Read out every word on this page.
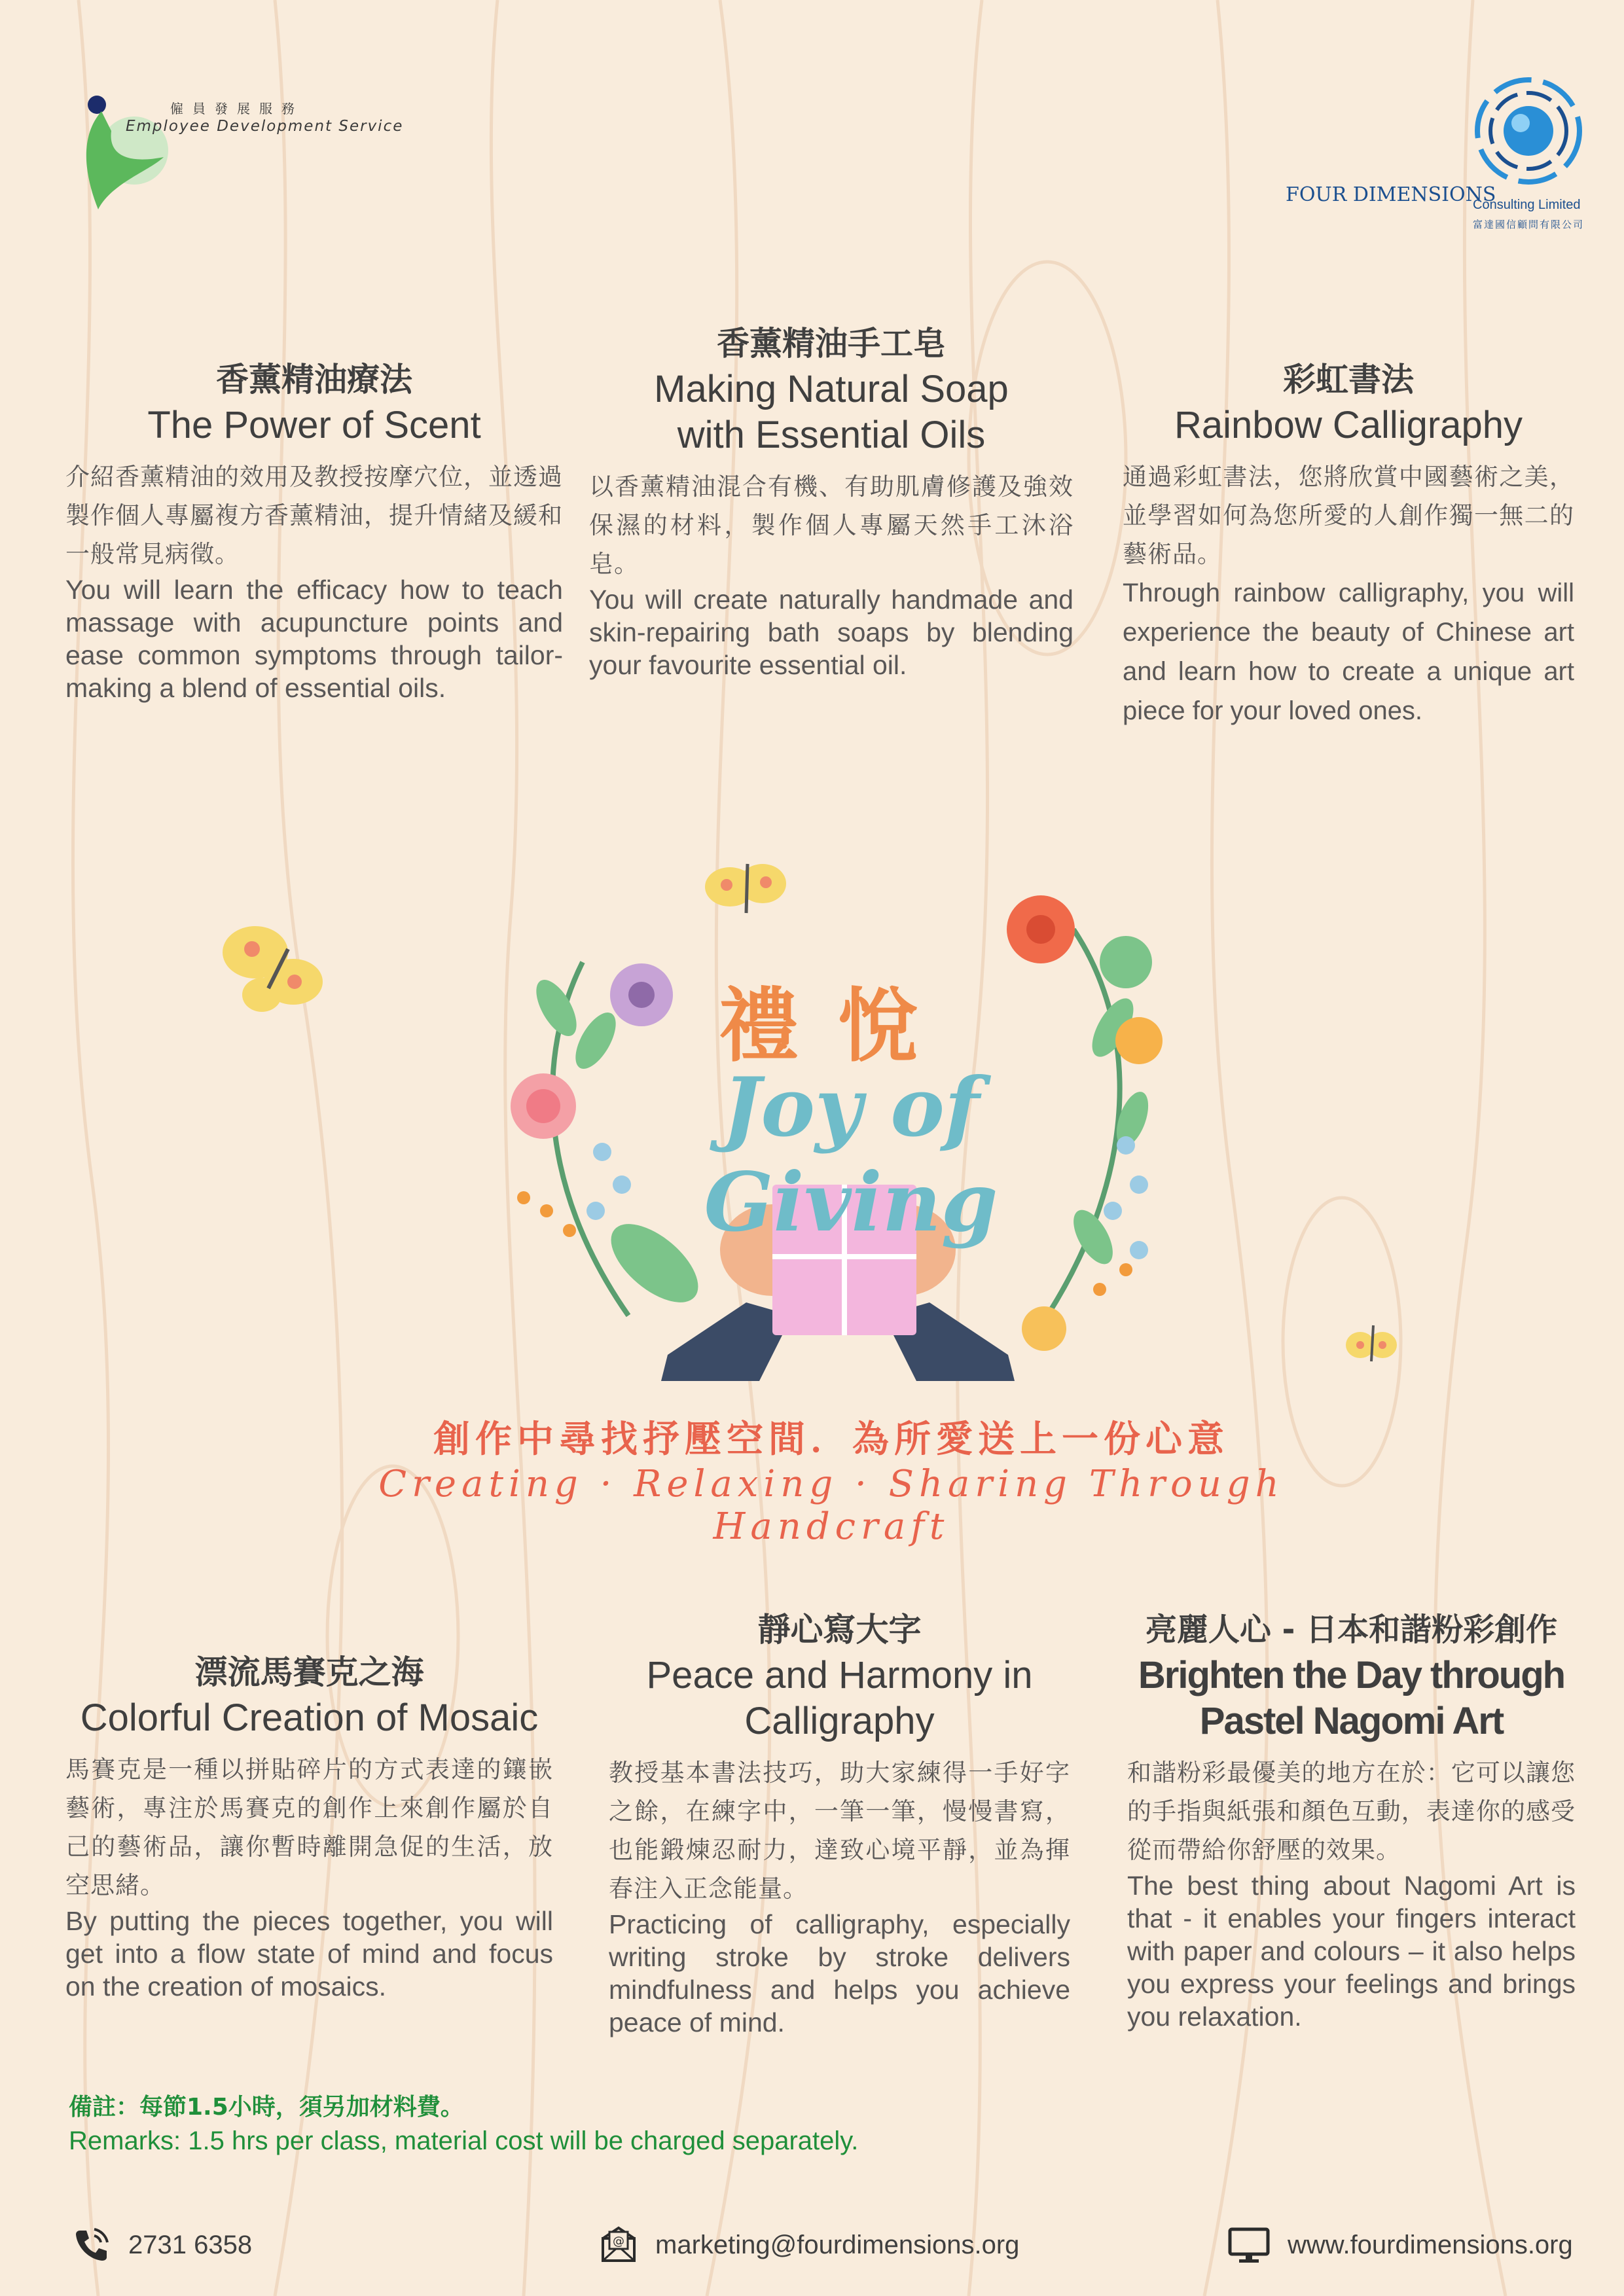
僱員發展服務
Employee Development Service
FOUR DIMENSIONS
Consulting Limited
富達國信顧問有限公司
香薰精油療法
The Power of Scent
介紹香薰精油的效用及教授按摩穴位，並透過製作個人專屬複方香薰精油，提升情緒及緩和一般常見病徵。
You will learn the efficacy how to teach massage with acupuncture points and ease common symptoms through tailor-making a blend of essential oils.
香薰精油手工皂
Making Natural Soap with Essential Oils
以香薰精油混合有機、有助肌膚修護及強效保濕的材料，製作個人專屬天然手工沐浴皂。
You will create naturally handmade and skin-repairing bath soaps by blending your favourite essential oil.
彩虹書法
Rainbow Calligraphy
通過彩虹書法，您將欣賞中國藝術之美，並學習如何為您所愛的人創作獨一無二的藝術品。
Through rainbow calligraphy, you will experience the beauty of Chinese art and learn how to create a unique art piece for your loved ones.
禮悅
Joy of Giving
創作中尋找抒壓空間．為所愛送上一份心意
Creating · Relaxing · Sharing Through Handcraft
漂流馬賽克之海
Colorful Creation of Mosaic
馬賽克是一種以拼貼碎片的方式表達的鑲嵌藝術，專注於馬賽克的創作上來創作屬於自己的藝術品，讓你暫時離開急促的生活，放空思緒。
By putting the pieces together, you will get into a flow state of mind and focus on the creation of mosaics.
靜心寫大字
Peace and Harmony in Calligraphy
教授基本書法技巧，助大家練得一手好字之餘，在練字中，一筆一筆，慢慢書寫，也能鍛煉忍耐力，達致心境平靜，並為揮春注入正念能量。
Practicing of calligraphy, especially writing stroke by stroke delivers mindfulness and helps you achieve peace of mind.
亮麗人心 - 日本和諧粉彩創作
Brighten the Day through Pastel Nagomi Art
和諧粉彩最優美的地方在於：它可以讓您的手指與紙張和顏色互動，表達你的感受從而帶給你舒壓的效果。
The best thing about Nagomi Art is that - it enables your fingers interact with paper and colours – it also helps you express your feelings and brings you relaxation.
備註：每節1.5小時，須另加材料費。
Remarks: 1.5 hrs per class, material cost will be charged separately.
2731 6358	@ marketing@fourdimensions.org	www.fourdimensions.org
